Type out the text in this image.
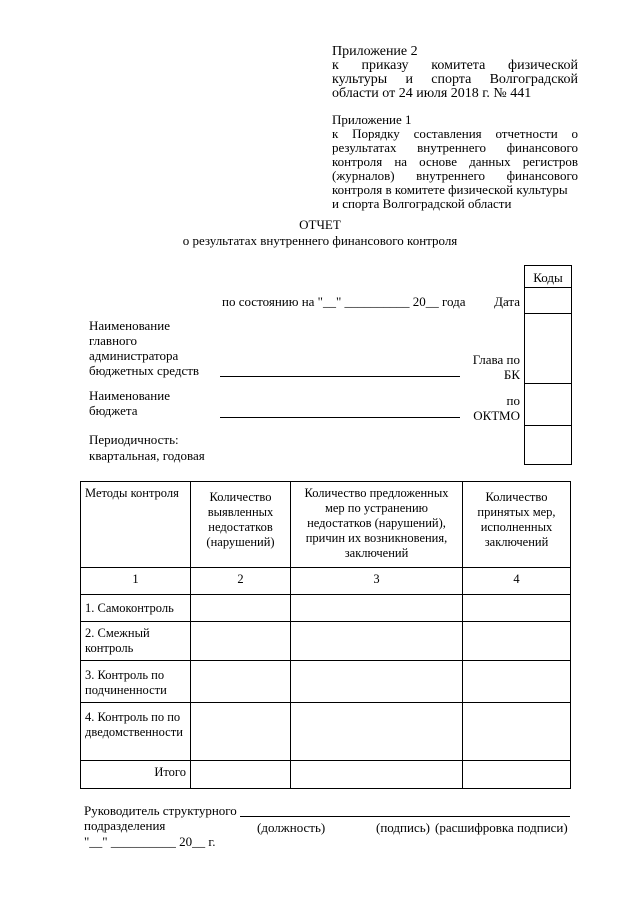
Приложение 2
к приказу комитета физической
культуры и спорта Волгоградской
области от 24 июля 2018 г. № 441
Приложение 1
к Порядку составления отчетности о
результатах внутреннего финансового
контроля на основе данных регистров
(журналов) внутреннего финансового
контроля в комитете физической культуры
и спорта Волгоградской области
ОТЧЕТ
о результатах внутреннего финансового контроля
Коды
по состоянию на "__" __________ 20__ года	Дата
Наименование
главного
администратора
бюджетных средств
Глава по
БК
Наименование
бюджета
по
ОКТМО
Периодичность:
квартальная, годовая
Методы контроля	Количество выявленных недостатков (нарушений)	Количество предложенных мер по устранению недостатков (нарушений), причин их возникновения, заключений	Количество принятых мер, исполненных заключений
1	2	3	4
1. Самоконтроль			
2. Смежный контроль			
3. Контроль по подчиненности			
4. Контроль по подведомственности			
Итого			
Руководитель структурного
подразделения	(должность)	(подпись) (расшифровка подписи)
"__" __________ 20__ г.
